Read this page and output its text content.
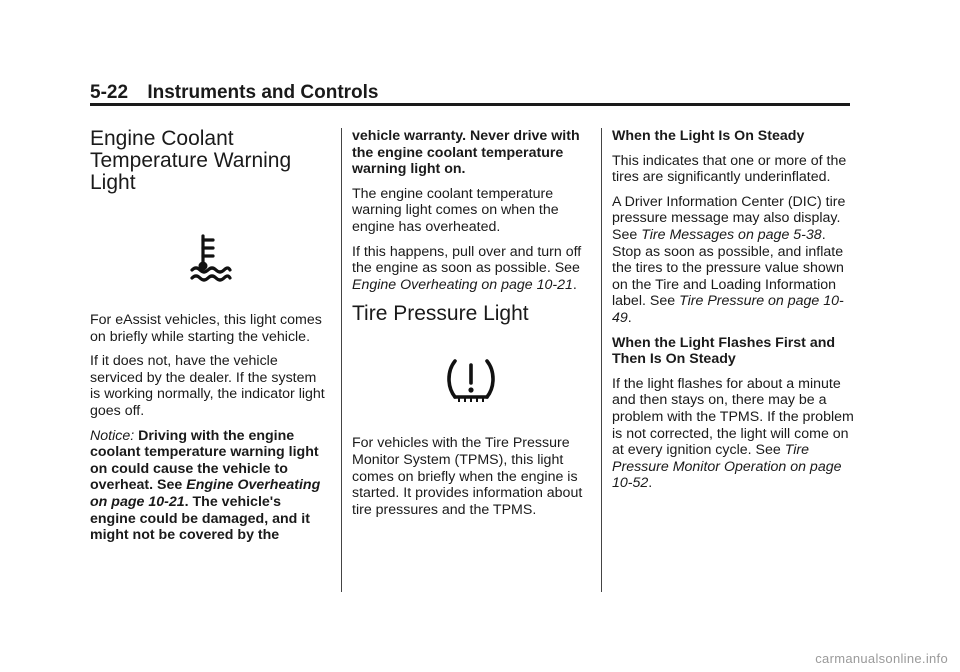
5-22 Instruments and Controls
Engine Coolant
Temperature Warning
Light

For eAssist vehicles, this light comes on briefly while starting the vehicle.

If it does not, have the vehicle serviced by the dealer. If the system is working normally, the indicator light goes off.

Notice: Driving with the engine coolant temperature warning light on could cause the vehicle to overheat. See Engine Overheating on page 10-21. The vehicle's engine could be damaged, and it might not be covered by the

vehicle warranty. Never drive with the engine coolant temperature warning light on.

The engine coolant temperature warning light comes on when the engine has overheated.

If this happens, pull over and turn off the engine as soon as possible. See Engine Overheating on page 10-21.

Tire Pressure Light

For vehicles with the Tire Pressure Monitor System (TPMS), this light comes on briefly when the engine is started. It provides information about tire pressures and the TPMS.

When the Light Is On Steady

This indicates that one or more of the tires are significantly underinflated.

A Driver Information Center (DIC) tire pressure message may also display. See Tire Messages on page 5-38. Stop as soon as possible, and inflate the tires to the pressure value shown on the Tire and Loading Information label. See Tire Pressure on page 10-49.

When the Light Flashes First and Then Is On Steady

If the light flashes for about a minute and then stays on, there may be a problem with the TPMS. If the problem is not corrected, the light will come on at every ignition cycle. See Tire Pressure Monitor Operation on page 10-52.

carmanualsonline.info
